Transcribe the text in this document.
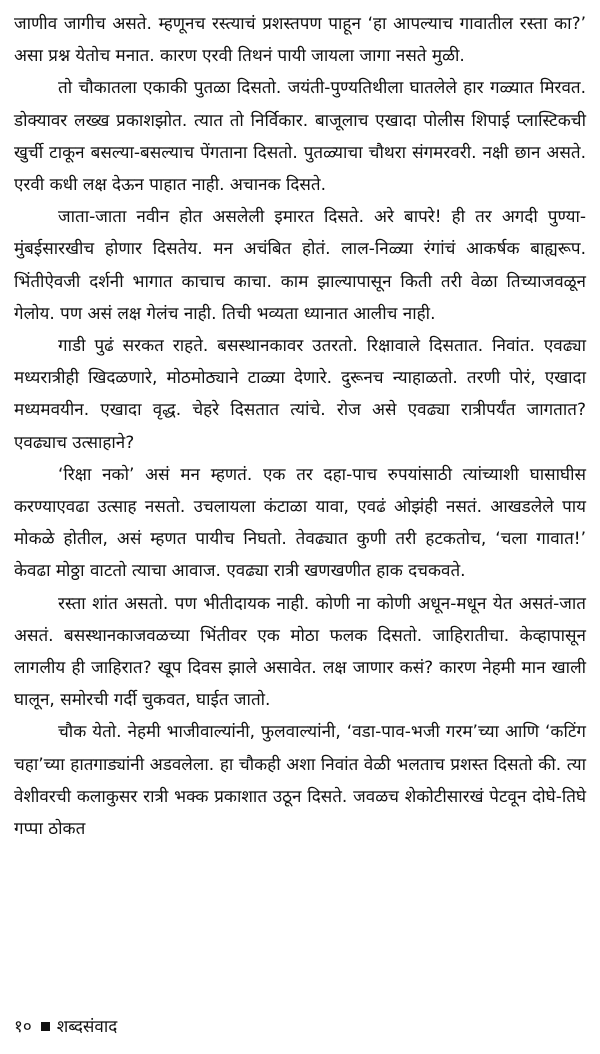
जाणीव जागीच असते. म्हणूनच रस्त्याचं प्रशस्तपण पाहून ‘हा आपल्याच गावातील रस्ता का?’ असा प्रश्न येतोच मनात. कारण एरवी तिथनं पायी जायला जागा नसते मुळी.

तो चौकातला एकाकी पुतळा दिसतो. जयंती-पुण्यतिथीला घातलेले हार गळ्यात मिरवत. डोक्यावर लख्ख प्रकाशझोत. त्यात तो निर्विकार. बाजूलाच एखादा पोलीस शिपाई प्लास्टिकची खुर्ची टाकून बसल्या-बसल्याच पेंगताना दिसतो. पुतळ्याचा चौथरा संगमरवरी. नक्षी छान असते. एरवी कधी लक्ष देऊन पाहात नाही. अचानक दिसते.

जाता-जाता नवीन होत असलेली इमारत दिसते. अरे बापरे! ही तर अगदी पुण्या-मुंबईसारखीच होणार दिसतेय. मन अचंबित होतं. लाल-निळ्या रंगांचं आकर्षक बाह्यरूप. भिंतीऐवजी दर्शनी भागात काचाच काचा. काम झाल्यापासून किती तरी वेळा तिच्याजवळून गेलोय. पण असं लक्ष गेलंच नाही. तिची भव्यता ध्यानात आलीच नाही.

गाडी पुढं सरकत राहते. बसस्थानकावर उतरतो. रिक्षावाले दिसतात. निवांत. एवढ्या मध्यरात्रीही खिदळणारे, मोठमोठ्याने टाळ्या देणारे. दुरूनच न्याहाळतो. तरणी पोरं, एखादा मध्यमवयीन. एखादा वृद्ध. चेहरे दिसतात त्यांचे. रोज असे एवढ्या रात्रीपर्यंत जागतात? एवढ्याच उत्साहाने?

‘रिक्षा नको’ असं मन म्हणतं. एक तर दहा-पाच रुपयांसाठी त्यांच्याशी घासाघीस करण्याएवढा उत्साह नसतो. उचलायला कंटाळा यावा, एवढं ओझंही नसतं. आखडलेले पाय मोकळे होतील, असं म्हणत पायीच निघतो. तेवढ्यात कुणी तरी हटकतोच, ‘चला गावात!’ केवढा मोठ्ठा वाटतो त्याचा आवाज. एवढ्या रात्री खणखणीत हाक दचकवते.

रस्ता शांत असतो. पण भीतीदायक नाही. कोणी ना कोणी अधून-मधून येत असतं-जात असतं. बसस्थानकाजवळच्या भिंतीवर एक मोठा फलक दिसतो. जाहिरातीचा. केव्हापासून लागलीय ही जाहिरात? खूप दिवस झाले असावेत. लक्ष जाणार कसं? कारण नेहमी मान खाली घालून, समोरची गर्दी चुकवत, घाईत जातो.

चौक येतो. नेहमी भाजीवाल्यांनी, फुलवाल्यांनी, ‘वडा-पाव-भजी गरम’च्या आणि ‘कटिंग चहा’च्या हातगाड्यांनी अडवलेला. हा चौकही अशा निवांत वेळी भलताच प्रशस्त दिसतो की. त्या वेशीवरची कलाकुसर रात्री भक्क प्रकाशात उठून दिसते. जवळच शेकोटीसारखं पेटवून दोघे-तिघे गप्पा ठोकत

१० शब्दसंवाद
